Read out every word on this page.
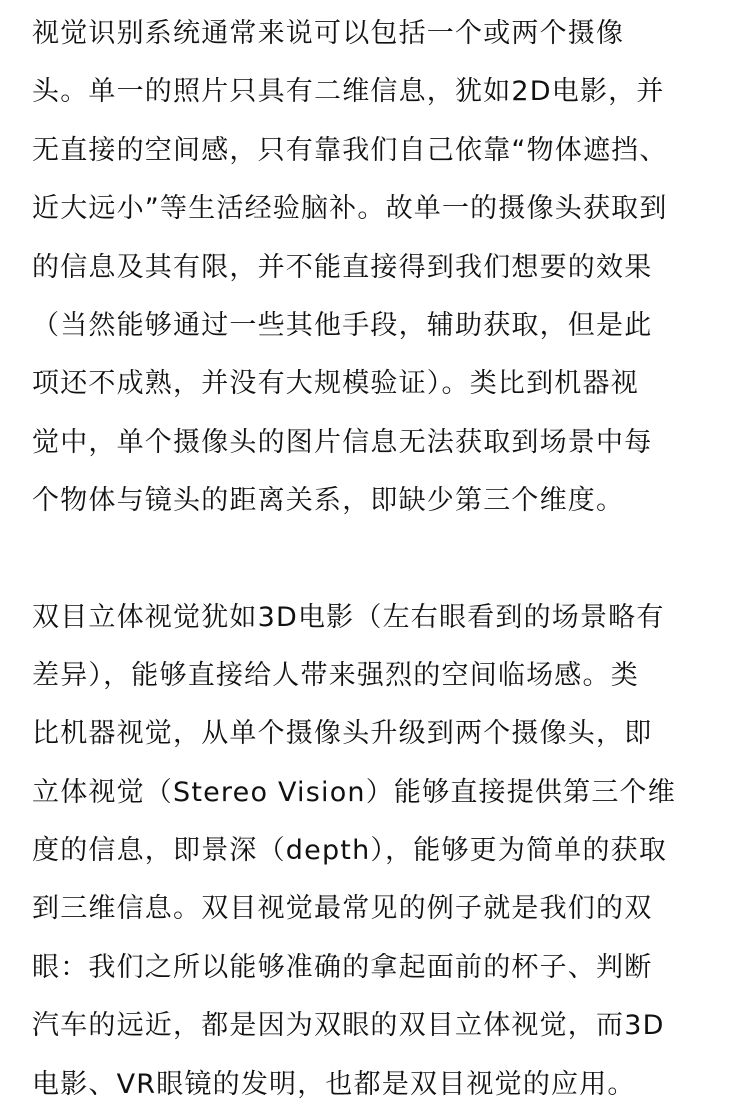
视觉识别系统通常来说可以包括一个或两个摄像
头。单一的照片只具有二维信息，犹如2D电影，并
无直接的空间感，只有靠我们自己依靠“物体遮挡、
近大远小”等生活经验脑补。故单一的摄像头获取到
的信息及其有限，并不能直接得到我们想要的效果
（当然能够通过一些其他手段，辅助获取，但是此
项还不成熟，并没有大规模验证）。类比到机器视
觉中，单个摄像头的图片信息无法获取到场景中每
个物体与镜头的距离关系，即缺少第三个维度。
双目立体视觉犹如3D电影（左右眼看到的场景略有
差异），能够直接给人带来强烈的空间临场感。类
比机器视觉，从单个摄像头升级到两个摄像头，即
立体视觉（Stereo Vision）能够直接提供第三个维
度的信息，即景深（depth），能够更为简单的获取
到三维信息。双目视觉最常见的例子就是我们的双
眼：我们之所以能够准确的拿起面前的杯子、判断
汽车的远近，都是因为双眼的双目立体视觉，而3D
电影、VR眼镜的发明，也都是双目视觉的应用。
